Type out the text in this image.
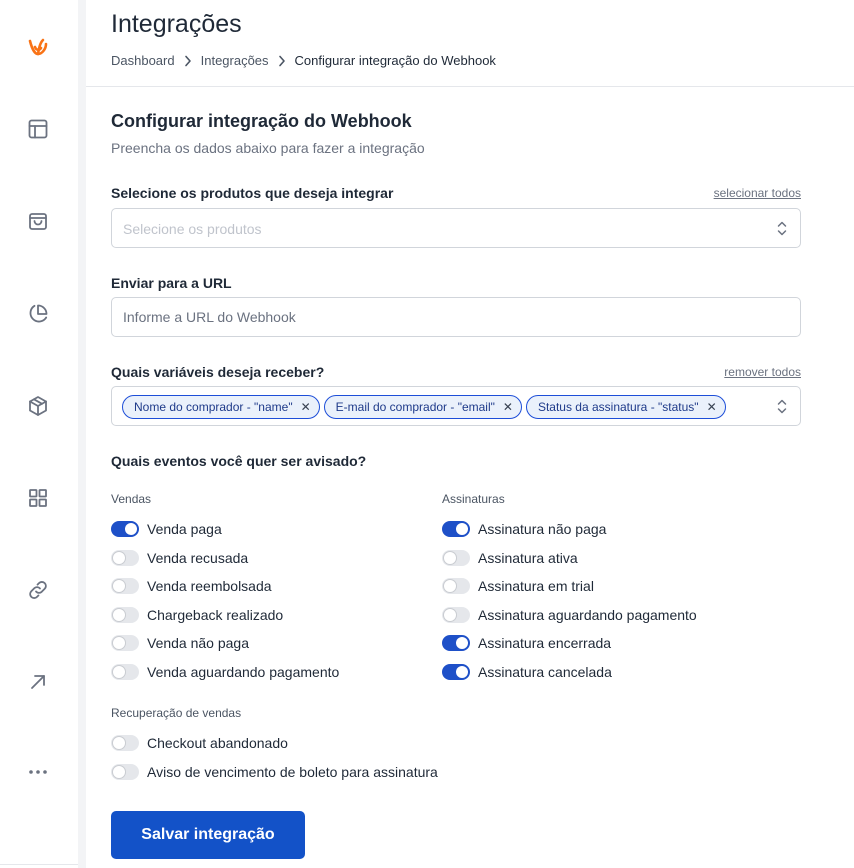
Integrações
Dashboard Integrações Configurar integração do Webhook
Configurar integração do Webhook

Preencha os dados abaixo para fazer a integração

Selecione os produtos que deseja integrar	selecionar todos
Selecione os produtos
Enviar para a URL
Informe a URL do Webhook
Quais variáveis deseja receber?	remover todos
Nome do comprador - "name" ✕ E-mail do comprador - "email" ✕ Status da assinatura - "status" ✕
Quais eventos você quer ser avisado?
Vendas	Assinaturas
Recuperação de vendas
Venda paga
Venda recusada
Venda reembolsada
Chargeback realizado
Venda não paga
Venda aguardando pagamento
Assinatura não paga
Assinatura ativa
Assinatura em trial
Assinatura aguardando pagamento
Assinatura encerrada
Assinatura cancelada
Checkout abandonado
Aviso de vencimento de boleto para assinatura
Salvar integração
